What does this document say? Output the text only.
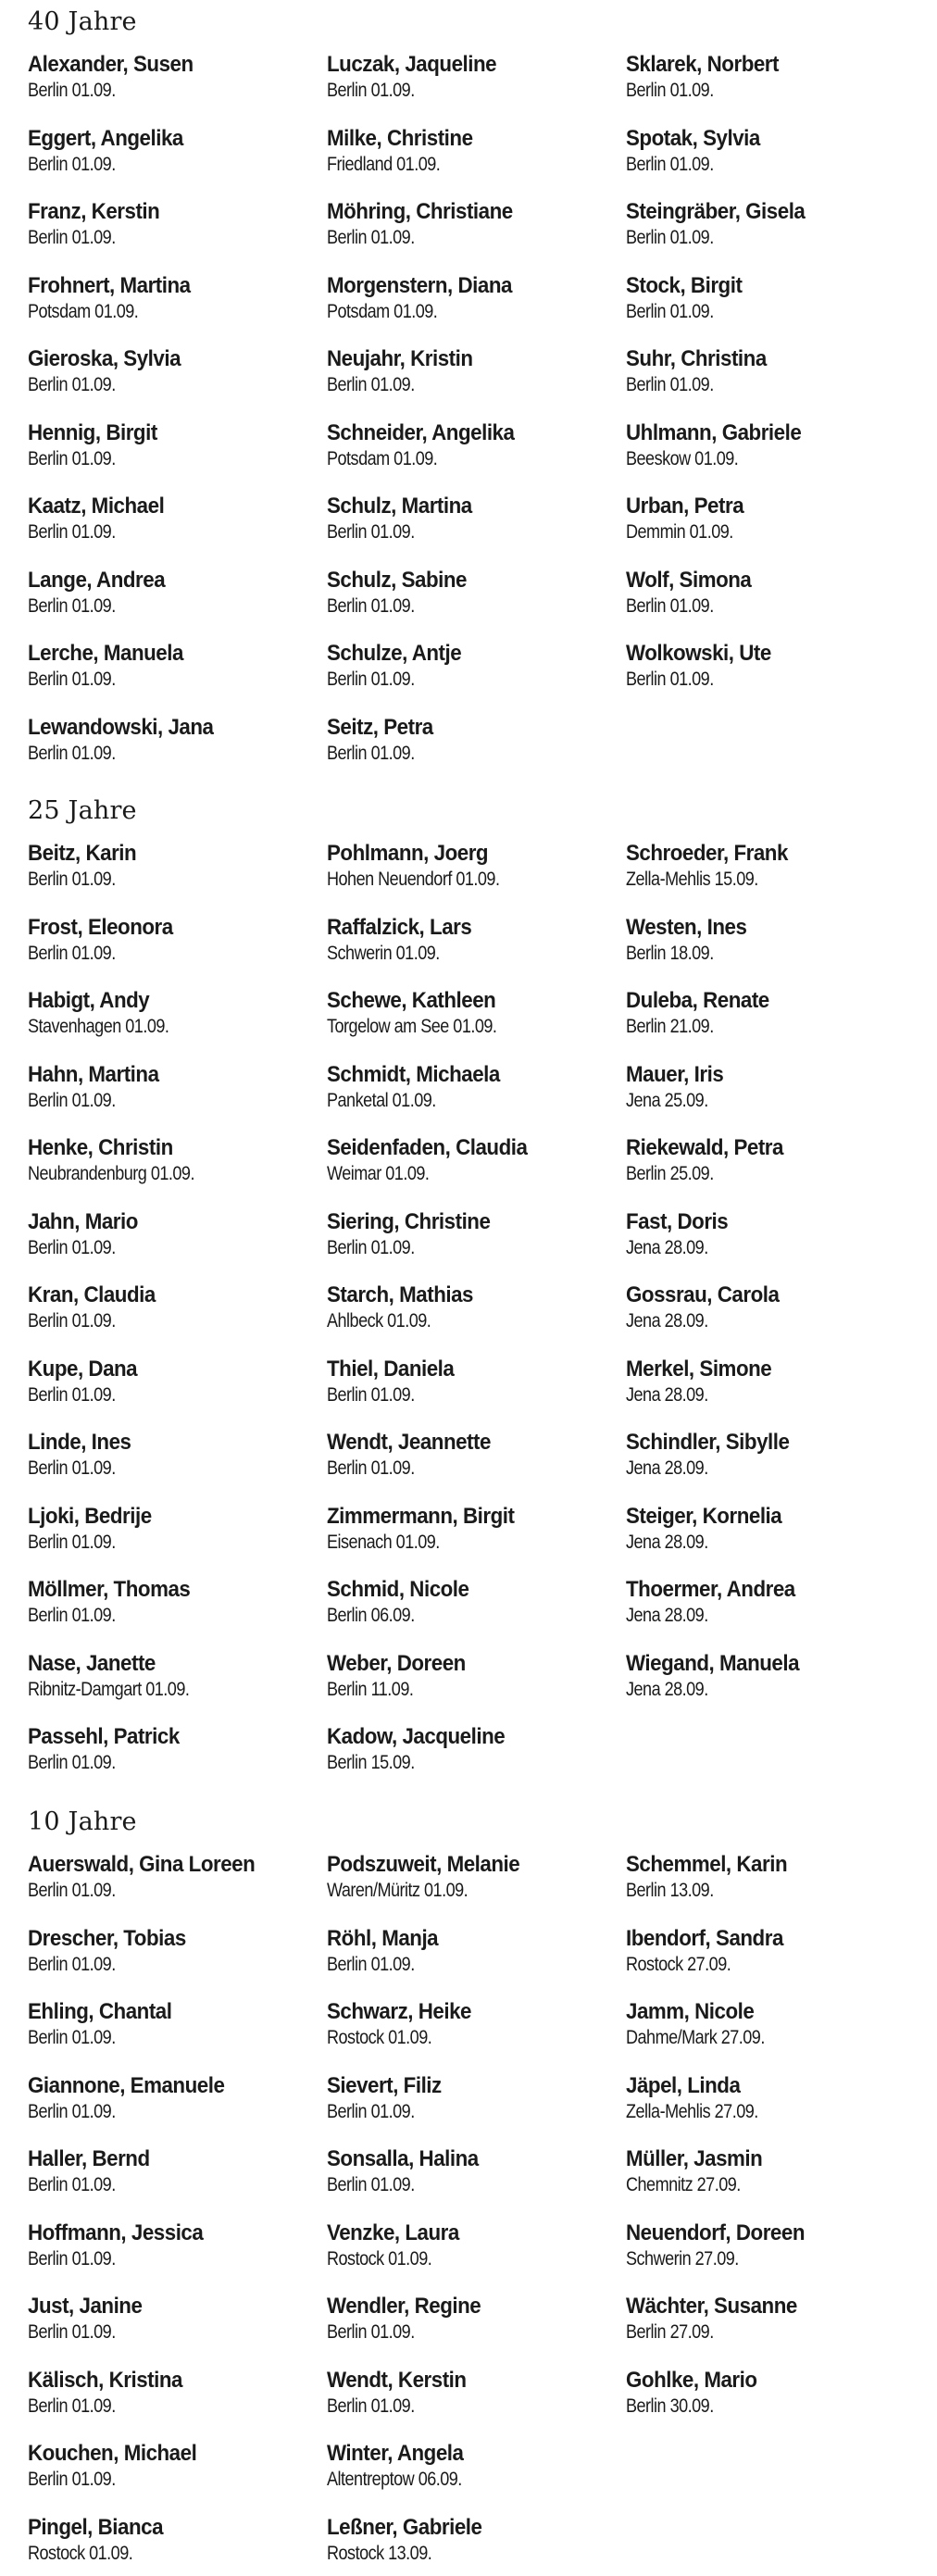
40 Jahre
Alexander, Susen
Berlin 01.09.
Eggert, Angelika
Berlin 01.09.
Franz, Kerstin
Berlin 01.09.
Frohnert, Martina
Potsdam 01.09.
Gieroska, Sylvia
Berlin 01.09.
Hennig, Birgit
Berlin 01.09.
Kaatz, Michael
Berlin 01.09.
Lange, Andrea
Berlin 01.09.
Lerche, Manuela
Berlin 01.09.
Lewandowski, Jana
Berlin 01.09.
Luczak, Jaqueline
Berlin 01.09.
Milke, Christine
Friedland 01.09.
Möhring, Christiane
Berlin 01.09.
Morgenstern, Diana
Potsdam 01.09.
Neujahr, Kristin
Berlin 01.09.
Schneider, Angelika
Potsdam 01.09.
Schulz, Martina
Berlin 01.09.
Schulz, Sabine
Berlin 01.09.
Schulze, Antje
Berlin 01.09.
Seitz, Petra
Berlin 01.09.
Sklarek, Norbert
Berlin 01.09.
Spotak, Sylvia
Berlin 01.09.
Steingräber, Gisela
Berlin 01.09.
Stock, Birgit
Berlin 01.09.
Suhr, Christina
Berlin 01.09.
Uhlmann, Gabriele
Beeskow 01.09.
Urban, Petra
Demmin 01.09.
Wolf, Simona
Berlin 01.09.
Wolkowski, Ute
Berlin 01.09.
25 Jahre
Beitz, Karin
Berlin 01.09.
Frost, Eleonora
Berlin 01.09.
Habigt, Andy
Stavenhagen 01.09.
Hahn, Martina
Berlin 01.09.
Henke, Christin
Neubrandenburg 01.09.
Jahn, Mario
Berlin 01.09.
Kran, Claudia
Berlin 01.09.
Kupe, Dana
Berlin 01.09.
Linde, Ines
Berlin 01.09.
Ljoki, Bedrije
Berlin 01.09.
Möllmer, Thomas
Berlin 01.09.
Nase, Janette
Ribnitz-Damgart 01.09.
Passehl, Patrick
Berlin 01.09.
Pohlmann, Joerg
Hohen Neuendorf 01.09.
Raffalzick, Lars
Schwerin 01.09.
Schewe, Kathleen
Torgelow am See 01.09.
Schmidt, Michaela
Panketal 01.09.
Seidenfaden, Claudia
Weimar 01.09.
Siering, Christine
Berlin 01.09.
Starch, Mathias
Ahlbeck 01.09.
Thiel, Daniela
Berlin 01.09.
Wendt, Jeannette
Berlin 01.09.
Zimmermann, Birgit
Eisenach 01.09.
Schmid, Nicole
Berlin 06.09.
Weber, Doreen
Berlin 11.09.
Kadow, Jacqueline
Berlin 15.09.
Schroeder, Frank
Zella-Mehlis 15.09.
Westen, Ines
Berlin 18.09.
Duleba, Renate
Berlin 21.09.
Mauer, Iris
Jena 25.09.
Riekewald, Petra
Berlin 25.09.
Fast, Doris
Jena 28.09.
Gossrau, Carola
Jena 28.09.
Merkel, Simone
Jena 28.09.
Schindler, Sibylle
Jena 28.09.
Steiger, Kornelia
Jena 28.09.
Thoermer, Andrea
Jena 28.09.
Wiegand, Manuela
Jena 28.09.
10 Jahre
Auerswald, Gina Loreen
Berlin 01.09.
Drescher, Tobias
Berlin 01.09.
Ehling, Chantal
Berlin 01.09.
Giannone, Emanuele
Berlin 01.09.
Haller, Bernd
Berlin 01.09.
Hoffmann, Jessica
Berlin 01.09.
Just, Janine
Berlin 01.09.
Kälisch, Kristina
Berlin 01.09.
Kouchen, Michael
Berlin 01.09.
Pingel, Bianca
Rostock 01.09.
Podszuweit, Melanie
Waren/Müritz 01.09.
Röhl, Manja
Berlin 01.09.
Schwarz, Heike
Rostock 01.09.
Sievert, Filiz
Berlin 01.09.
Sonsalla, Halina
Berlin 01.09.
Venzke, Laura
Rostock 01.09.
Wendler, Regine
Berlin 01.09.
Wendt, Kerstin
Berlin 01.09.
Winter, Angela
Altentreptow 06.09.
Leßner, Gabriele
Rostock 13.09.
Schemmel, Karin
Berlin 13.09.
Ibendorf, Sandra
Rostock 27.09.
Jamm, Nicole
Dahme/Mark 27.09.
Jäpel, Linda
Zella-Mehlis 27.09.
Müller, Jasmin
Chemnitz 27.09.
Neuendorf, Doreen
Schwerin 27.09.
Wächter, Susanne
Berlin 27.09.
Gohlke, Mario
Berlin 30.09.
